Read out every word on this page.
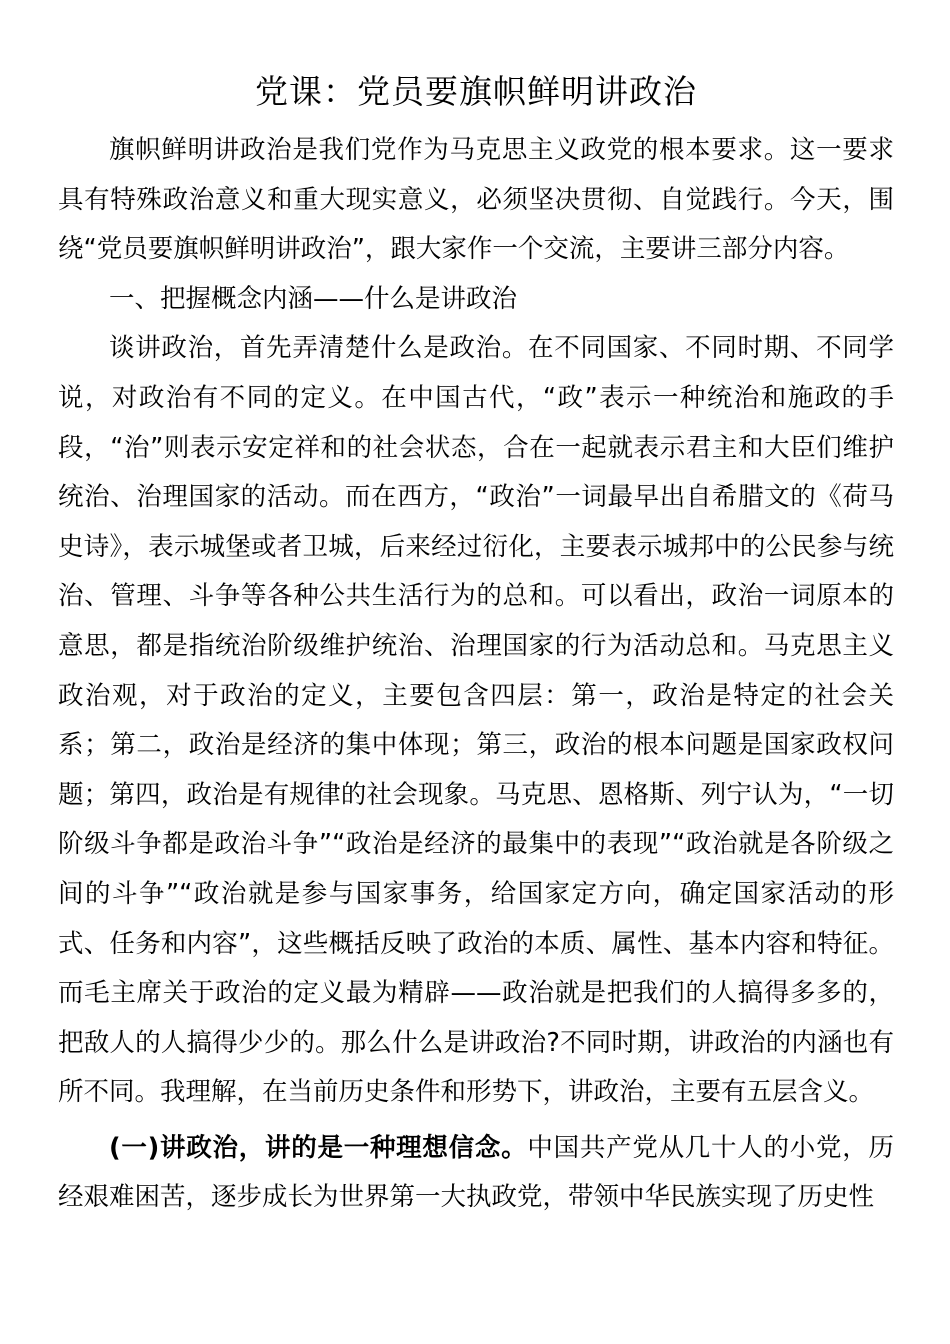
党课：党员要旗帜鲜明讲政治

旗帜鲜明讲政治是我们党作为马克思主义政党的根本要求。这一要求具有特殊政治意义和重大现实意义，必须坚决贯彻、自觉践行。今天，围绕“党员要旗帜鲜明讲政治”，跟大家作一个交流，主要讲三部分内容。

一、把握概念内涵——什么是讲政治

谈讲政治，首先弄清楚什么是政治。在不同国家、不同时期、不同学说，对政治有不同的定义。在中国古代，“政”表示一种统治和施政的手段，“治”则表示安定祥和的社会状态，合在一起就表示君主和大臣们维护统治、治理国家的活动。而在西方，“政治”一词最早出自希腊文的《荷马史诗》，表示城堡或者卫城，后来经过衍化，主要表示城邦中的公民参与统治、管理、斗争等各种公共生活行为的总和。可以看出，政治一词原本的意思，都是指统治阶级维护统治、治理国家的行为活动总和。马克思主义政治观，对于政治的定义，主要包含四层：第一，政治是特定的社会关系；第二，政治是经济的集中体现；第三，政治的根本问题是国家政权问题；第四，政治是有规律的社会现象。马克思、恩格斯、列宁认为，“一切阶级斗争都是政治斗争”“政治是经济的最集中的表现”“政治就是各阶级之间的斗争”“政治就是参与国家事务，给国家定方向，确定国家活动的形式、任务和内容”，这些概括反映了政治的本质、属性、基本内容和特征。而毛主席关于政治的定义最为精辟——政治就是把我们的人搞得多多的，把敌人的人搞得少少的。那么什么是讲政治?不同时期，讲政治的内涵也有所不同。我理解，在当前历史条件和形势下，讲政治，主要有五层含义。

(一)讲政治，讲的是一种理想信念。中国共产党从几十人的小党，历经艰难困苦，逐步成长为世界第一大执政党，带领中华民族实现了历史性
